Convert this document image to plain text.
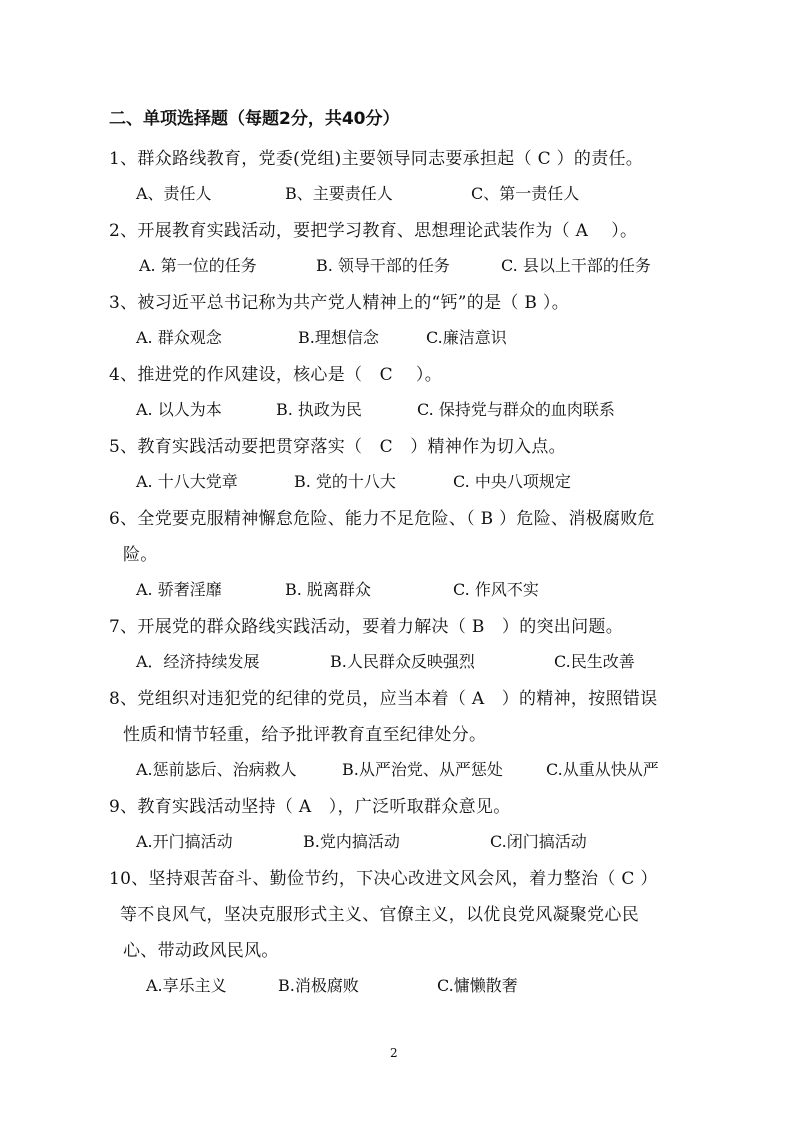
二、单项选择题（每题2分，共40分）
1、群众路线教育，党委(党组)主要领导同志要承担起（ C ）的责任。
A、责任人	B、主要责任人	C、第一责任人
2、开展教育实践活动，要把学习教育、思想理论武装作为（ A　 ）。
A. 第一位的任务	B. 领导干部的任务	C. 县以上干部的任务
3、被习近平总书记称为共产党人精神上的“钙”的是（ B ）。
A. 群众观念	B.理想信念	C.廉洁意识
4、推进党的作风建设，核心是（　C　 ）。
A. 以人为本	B. 执政为民	C. 保持党与群众的血肉联系
5、教育实践活动要把贯穿落实（　C　）精神作为切入点。
A. 十八大党章	B. 党的十八大	C. 中央八项规定
6、全党要克服精神懈怠危险、能力不足危险、（ B ）危险、消极腐败危
险。
A. 骄奢淫靡	B. 脱离群众	C. 作风不实
7、开展党的群众路线实践活动，要着力解决（ B　）的突出问题。
A．经济持续发展	B.人民群众反映强烈	C.民生改善
8、党组织对违犯党的纪律的党员，应当本着（ A　）的精神，按照错误
性质和情节轻重，给予批评教育直至纪律处分。
A.惩前毖后、治病救人	B.从严治党、从严惩处	C.从重从快从严
9、教育实践活动坚持（ A　），广泛听取群众意见。
A.开门搞活动	B.党内搞活动	C.闭门搞活动
10、坚持艰苦奋斗、勤俭节约，下决心改进文风会风，着力整治（ C ）
等不良风气，坚决克服形式主义、官僚主义，以优良党风凝聚党心民
心、带动政风民风。
A.享乐主义	B.消极腐败	C.慵懒散奢
2
